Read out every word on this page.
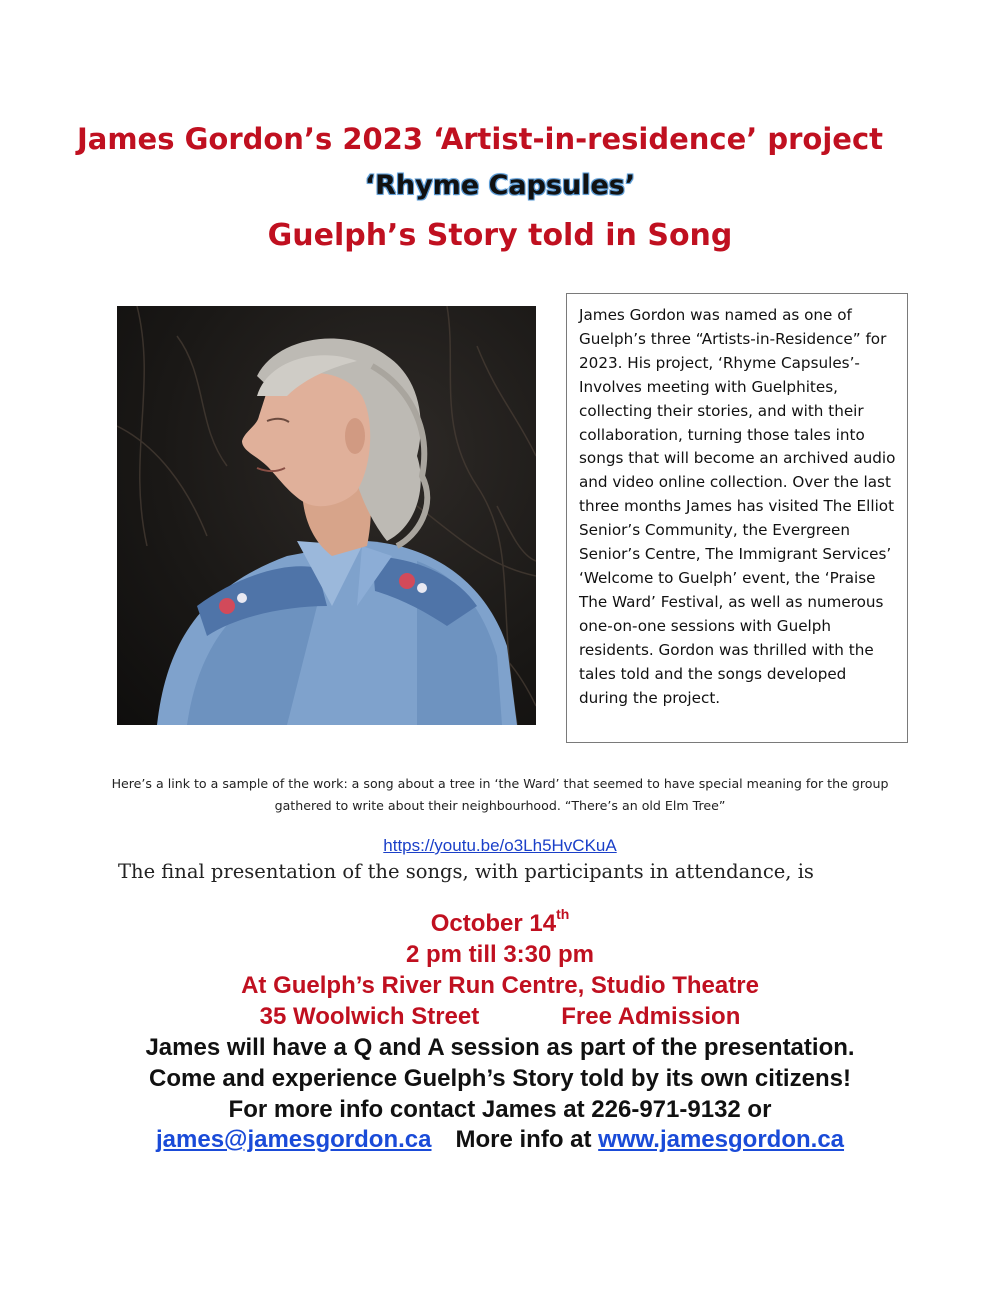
James Gordon’s 2023 ‘Artist-in-residence’ project
‘Rhyme Capsules’
Guelph’s Story told in Song

James Gordon was named as one of Guelph’s three “Artists-in-Residence” for 2023. His project, ‘Rhyme Capsules’- Involves meeting with Guelphites, collecting their stories, and with their collaboration, turning those tales into songs that will become an archived audio and video online collection. Over the last three months James has visited The Elliot Senior’s Community, the Evergreen Senior’s Centre, The Immigrant Services’ ‘Welcome to Guelph’ event, the ‘Praise The Ward’ Festival, as well as numerous one-on-one sessions with Guelph residents. Gordon was thrilled with the tales told and the songs developed during the project.

Here’s a link to a sample of the work: a song about a tree in ‘the Ward’ that seemed to have special meaning for the group gathered to write about their neighbourhood. “There’s an old Elm Tree”
https://youtu.be/o3Lh5HvCKuA
The final presentation of the songs, with participants in attendance, is
October 14th
2 pm till 3:30 pm
At Guelph’s River Run Centre, Studio Theatre
35 Woolwich Street	Free Admission
James will have a Q and A session as part of the presentation.
Come and experience Guelph’s Story told by its own citizens!
For more info contact James at 226-971-9132 or
james@jamesgordon.ca More info at www.jamesgordon.ca
